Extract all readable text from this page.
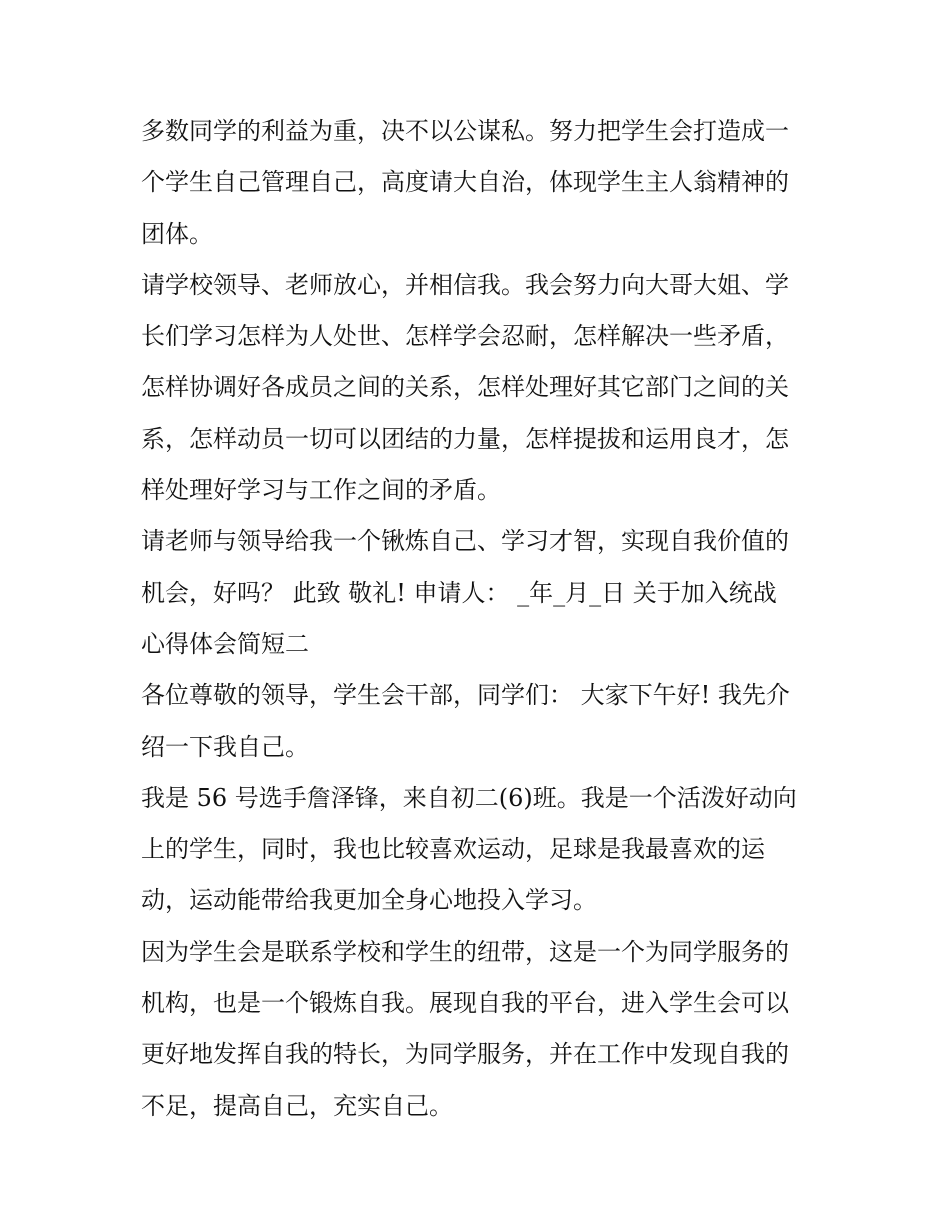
多数同学的利益为重，决不以公谋私。努力把学生会打造成一
个学生自己管理自己，高度请大自治，体现学生主人翁精神的
团体。
请学校领导、老师放心，并相信我。我会努力向大哥大姐、学
长们学习怎样为人处世、怎样学会忍耐，怎样解决一些矛盾，
怎样协调好各成员之间的关系，怎样处理好其它部门之间的关
系，怎样动员一切可以团结的力量，怎样提拔和运用良才，怎
样处理好学习与工作之间的矛盾。
请老师与领导给我一个锹炼自己、学习才智，实现自我价值的
机会，好吗？ 此致 敬礼! 申请人： _年_月_日 关于加入统战
心得体会简短二
各位尊敬的领导，学生会干部，同学们： 大家下午好! 我先介
绍一下我自己。
我是 56 号选手詹泽锋，来自初二(6)班。我是一个活泼好动向
上的学生，同时，我也比较喜欢运动，足球是我最喜欢的运
动，运动能带给我更加全身心地投入学习。
因为学生会是联系学校和学生的纽带，这是一个为同学服务的
机构，也是一个锻炼自我。展现自我的平台，进入学生会可以
更好地发挥自我的特长，为同学服务，并在工作中发现自我的
不足，提高自己，充实自己。
